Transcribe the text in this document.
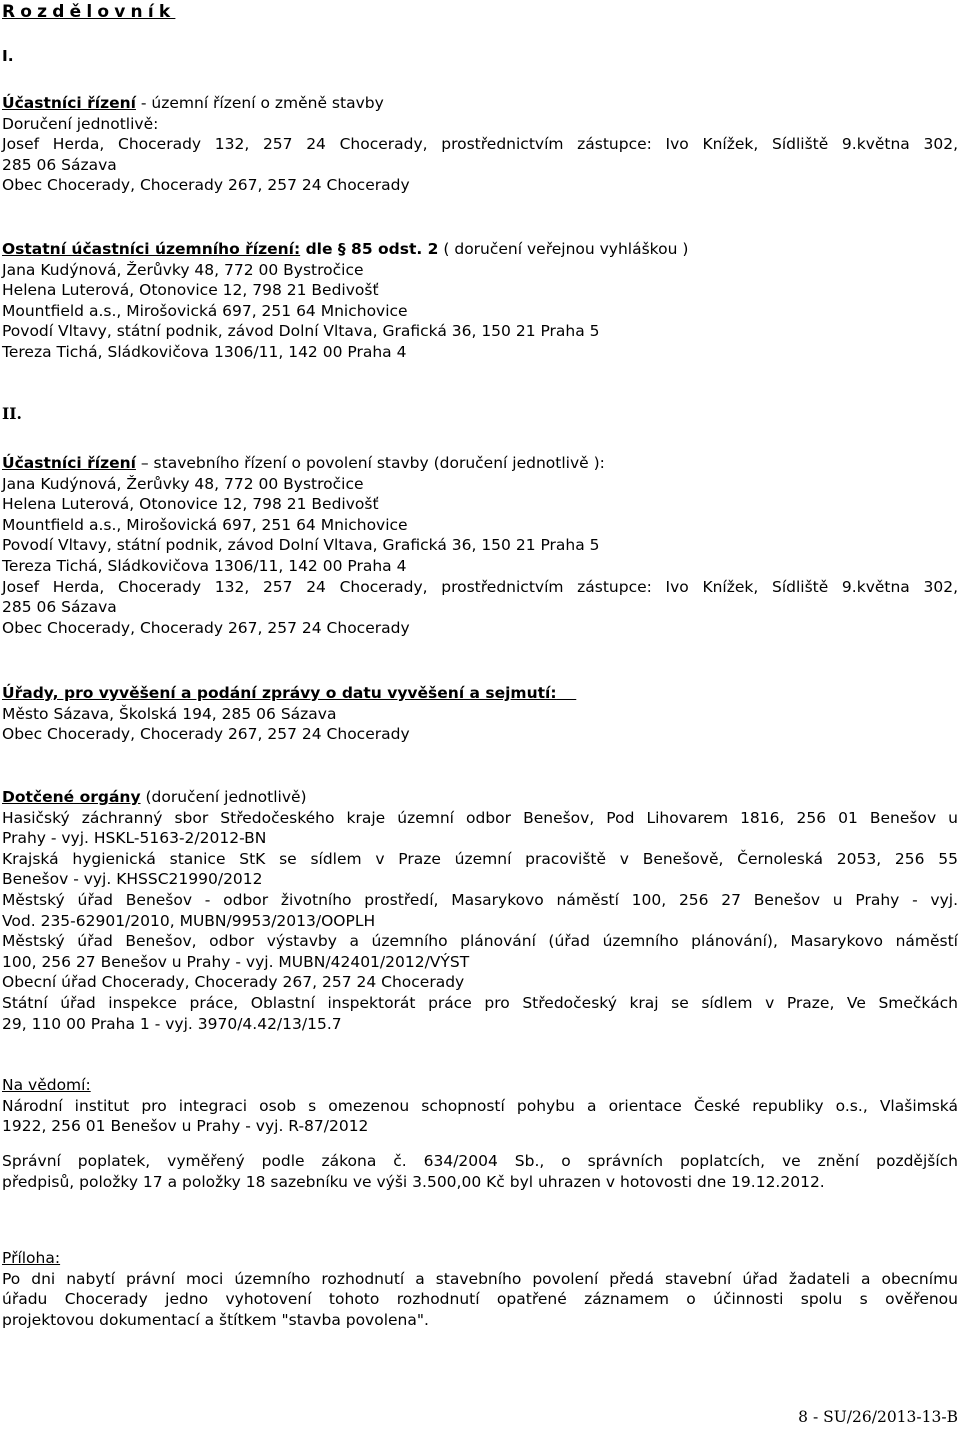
Rozdělovník
I.
Účastníci řízení - územní řízení o změně stavby
Doručení jednotlivě:
Josef Herda, Chocerady 132, 257 24 Chocerady, prostřednictvím zástupce: Ivo Knížek, Sídliště 9.května 302,
285 06 Sázava
Obec Chocerady, Chocerady 267, 257 24 Chocerady
Ostatní účastníci územního řízení: dle § 85 odst. 2 ( doručení veřejnou vyhláškou )
Jana Kudýnová, Žerůvky 48, 772 00 Bystročice
Helena Luterová, Otonovice 12, 798 21 Bedivošť
Mountfield a.s., Mirošovická 697, 251 64 Mnichovice
Povodí Vltavy, státní podnik, závod Dolní Vltava, Grafická 36, 150 21 Praha 5
Tereza Tichá, Sládkovičova 1306/11, 142 00 Praha 4
II.
Účastníci řízení – stavebního řízení o povolení stavby (doručení jednotlivě ):
Jana Kudýnová, Žerůvky 48, 772 00 Bystročice
Helena Luterová, Otonovice 12, 798 21 Bedivošť
Mountfield a.s., Mirošovická 697, 251 64 Mnichovice
Povodí Vltavy, státní podnik, závod Dolní Vltava, Grafická 36, 150 21 Praha 5
Tereza Tichá, Sládkovičova 1306/11, 142 00 Praha 4
Josef Herda, Chocerady 132, 257 24 Chocerady, prostřednictvím zástupce: Ivo Knížek, Sídliště 9.května 302,
285 06 Sázava
Obec Chocerady, Chocerady 267, 257 24 Chocerady
Úřady, pro vyvěšení a podání zprávy o datu vyvěšení a sejmutí:
Město Sázava, Školská 194, 285 06 Sázava
Obec Chocerady, Chocerady 267, 257 24 Chocerady
Dotčené orgány (doručení jednotlivě)
Hasičský záchranný sbor Středočeského kraje územní odbor Benešov, Pod Lihovarem 1816, 256 01 Benešov u
Prahy - vyj. HSKL-5163-2/2012-BN
Krajská hygienická stanice StK se sídlem v Praze územní pracoviště v Benešově, Černoleská 2053, 256 55
Benešov - vyj. KHSSC21990/2012
Městský úřad Benešov - odbor životního prostředí, Masarykovo náměstí 100, 256 27 Benešov u Prahy - vyj.
Vod. 235-62901/2010, MUBN/9953/2013/OOPLH
Městský úřad Benešov, odbor výstavby a územního plánování (úřad územního plánování), Masarykovo náměstí
100, 256 27 Benešov u Prahy - vyj. MUBN/42401/2012/VÝST
Obecní úřad Chocerady, Chocerady 267, 257 24 Chocerady
Státní úřad inspekce práce, Oblastní inspektorát práce pro Středočeský kraj se sídlem v Praze, Ve Smečkách
29, 110 00 Praha 1 - vyj. 3970/4.42/13/15.7
Na vědomí:
Národní institut pro integraci osob s omezenou schopností pohybu a orientace České republiky o.s., Vlašimská
1922, 256 01 Benešov u Prahy - vyj. R-87/2012
Správní poplatek, vyměřený podle zákona č. 634/2004 Sb., o správních poplatcích, ve znění pozdějších
předpisů, položky 17 a položky 18 sazebníku ve výši 3.500,00 Kč byl uhrazen v hotovosti dne 19.12.2012.
Příloha:
Po dni nabytí právní moci územního rozhodnutí a stavebního povolení předá stavební úřad žadateli a obecnímu
úřadu Chocerady jedno vyhotovení tohoto rozhodnutí opatřené záznamem o účinnosti spolu s ověřenou
projektovou dokumentací a štítkem "stavba povolena".
8 - SU/26/2013-13-B
